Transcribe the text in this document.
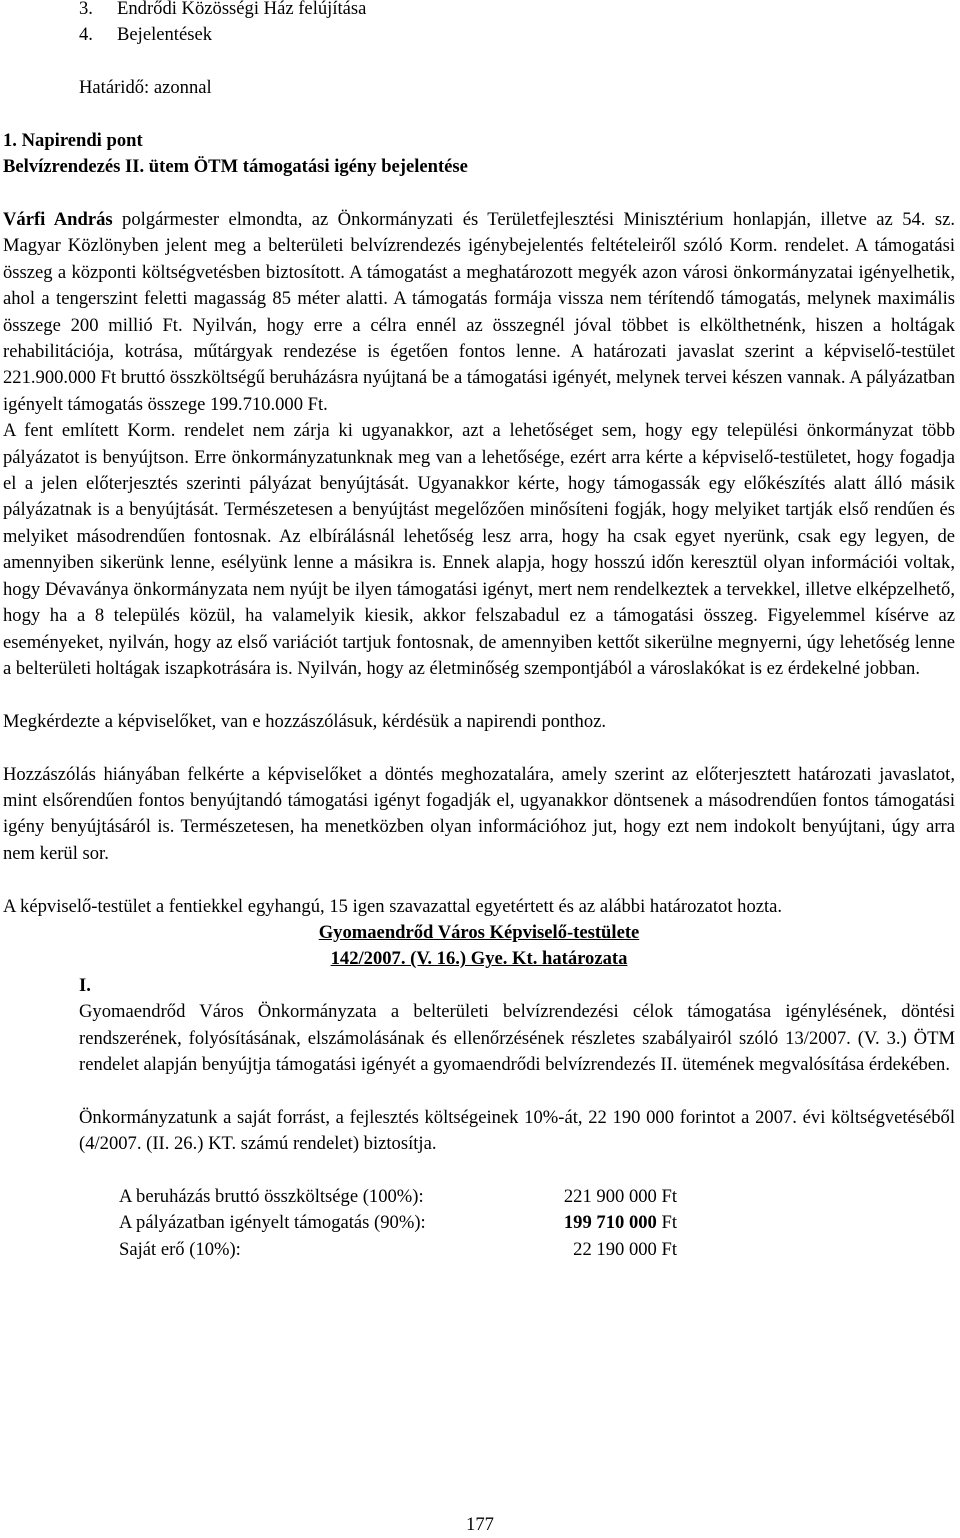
3. Endrődi Közösségi Ház felújítása
4. Bejelentések
Határidő: azonnal
1. Napirendi pont
Belvízrendezés II. ütem ÖTM támogatási igény bejelentése

Várfi András polgármester elmondta, az Önkormányzati és Területfejlesztési Minisztérium honlapján, illetve az 54. sz. Magyar Közlönyben jelent meg a belterületi belvízrendezés igénybejelentés feltételeiről szóló Korm. rendelet. A támogatási összeg a központi költségvetésben biztosított. A támogatást a meghatározott megyék azon városi önkormányzatai igényelhetik, ahol a tengerszint feletti magasság 85 méter alatti. A támogatás formája vissza nem térítendő támogatás, melynek maximális összege 200 millió Ft. Nyilván, hogy erre a célra ennél az összegnél jóval többet is elkölthetnénk, hiszen a holtágak rehabilitációja, kotrása, műtárgyak rendezése is égetően fontos lenne. A határozati javaslat szerint a képviselő-testület 221.900.000 Ft bruttó összköltségű beruházásra nyújtaná be a támogatási igényét, melynek tervei készen vannak. A pályázatban igényelt támogatás összege 199.710.000 Ft.

A fent említett Korm. rendelet nem zárja ki ugyanakkor, azt a lehetőséget sem, hogy egy települési önkormányzat több pályázatot is benyújtson. Erre önkormányzatunknak meg van a lehetősége, ezért arra kérte a képviselő-testületet, hogy fogadja el a jelen előterjesztés szerinti pályázat benyújtását. Ugyanakkor kérte, hogy támogassák egy előkészítés alatt álló másik pályázatnak is a benyújtását. Természetesen a benyújtást megelőzően minősíteni fogják, hogy melyiket tartják első rendűen és melyiket másodrendűen fontosnak. Az elbírálásnál lehetőség lesz arra, hogy ha csak egyet nyerünk, csak egy legyen, de amennyiben sikerünk lenne, esélyünk lenne a másikra is. Ennek alapja, hogy hosszú időn keresztül olyan információi voltak, hogy Dévaványa önkormányzata nem nyújt be ilyen támogatási igényt, mert nem rendelkeztek a tervekkel, illetve elképzelhető, hogy ha a 8 település közül, ha valamelyik kiesik, akkor felszabadul ez a támogatási összeg. Figyelemmel kísérve az eseményeket, nyilván, hogy az első variációt tartjuk fontosnak, de amennyiben kettőt sikerülne megnyerni, úgy lehetőség lenne a belterületi holtágak iszapkotrására is. Nyilván, hogy az életminőség szempontjából a városlakókat is ez érdekelné jobban.

Megkérdezte a képviselőket, van e hozzászólásuk, kérdésük a napirendi ponthoz.

Hozzászólás hiányában felkérte a képviselőket a döntés meghozatalára, amely szerint az előterjesztett határozati javaslatot, mint elsőrendűen fontos benyújtandó támogatási igényt fogadják el, ugyanakkor döntsenek a másodrendűen fontos támogatási igény benyújtásáról is. Természetesen, ha menetközben olyan információhoz jut, hogy ezt nem indokolt benyújtani, úgy arra nem kerül sor.

A képviselő-testület a fentiekkel egyhangú, 15 igen szavazattal egyetértett és az alábbi határozatot hozta.

Gyomaendrőd Város Képviselő-testülete
142/2007. (V. 16.) Gye. Kt. határozata
I.

Gyomaendrőd Város Önkormányzata a belterületi belvízrendezési célok támogatása igénylésének, döntési rendszerének, folyósításának, elszámolásának és ellenőrzésének részletes szabályairól szóló 13/2007. (V. 3.) ÖTM rendelet alapján benyújtja támogatási igényét a gyomaendrődi belvízrendezés II. ütemének megvalósítása érdekében.

Önkormányzatunk a saját forrást, a fejlesztés költségeinek 10%-át, 22 190 000 forintot a 2007. évi költségvetéséből (4/2007. (II. 26.) KT. számú rendelet) biztosítja.

A beruházás bruttó összköltsége (100%):	221 900 000 Ft
A pályázatban igényelt támogatás (90%):	199 710 000 Ft
Saját erő (10%):	22 190 000 Ft
177
